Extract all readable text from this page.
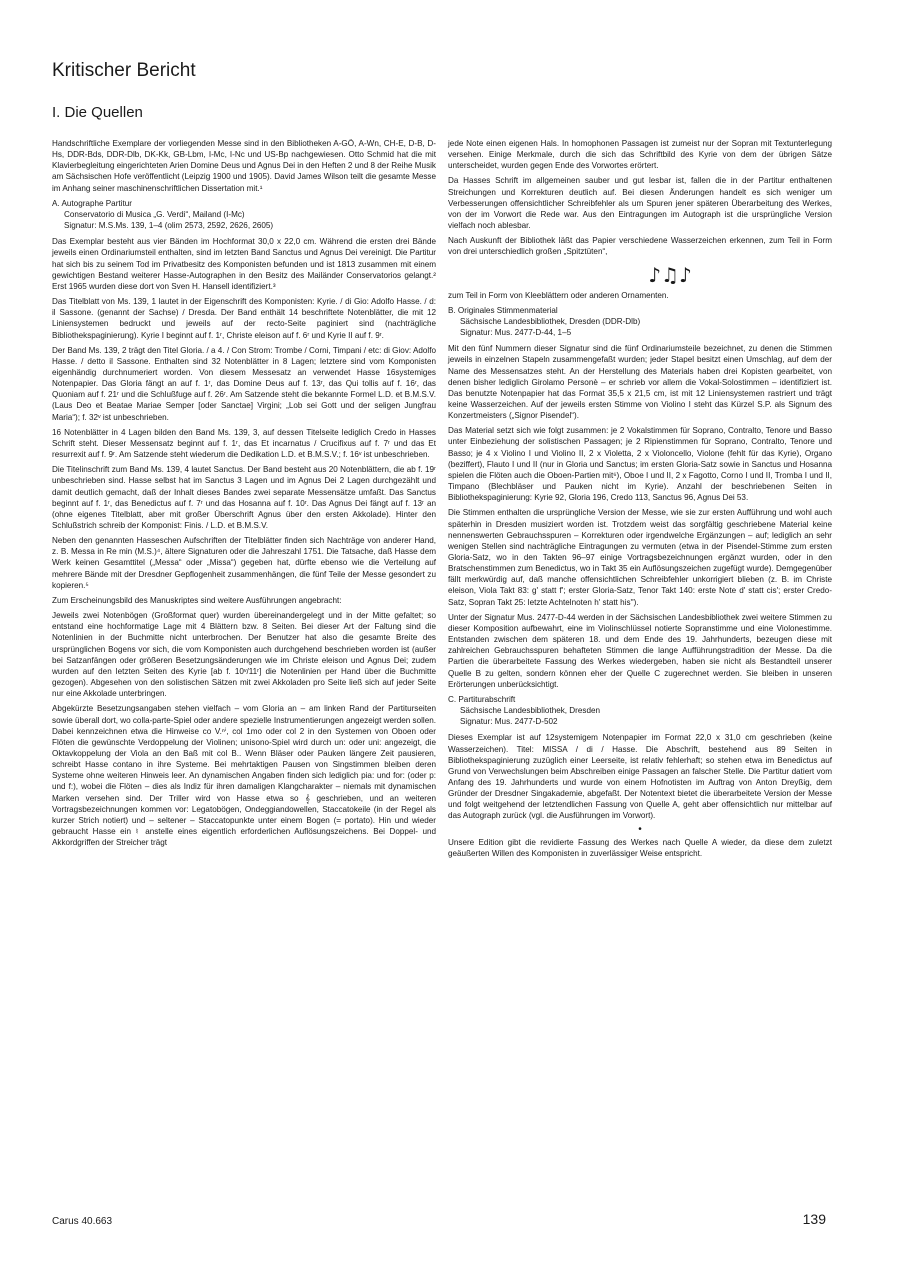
Kritischer Bericht
I. Die Quellen

Handschriftliche Exemplare der vorliegenden Messe sind in den Bibliotheken A-GÖ, A-Wn, CH-E, D-B, D-Hs, DDR-Bds, DDR-Dlb, DK-Kk, GB-Lbm, I-Mc, I-Nc und US-Bp nachgewiesen. Otto Schmid hat die mit Klavierbegleitung eingerichteten Arien Domine Deus und Agnus Dei in den Heften 2 und 8 der Reihe Musik am Sächsischen Hofe veröffentlicht (Leipzig 1900 und 1905). David James Wilson teilt die gesamte Messe im Anhang seiner maschinenschriftlichen Dissertation mit.¹

A. Autographe Partitur
Conservatorio di Musica „G. Verdi“, Mailand (I-Mc)
Signatur: M.S.Ms. 139, 1–4 (olim 2573, 2592, 2626, 2605)

Das Exemplar besteht aus vier Bänden im Hochformat 30,0 x 22,0 cm. Während die ersten drei Bände jeweils einen Ordinariumsteil enthalten, sind im letzten Band Sanctus und Agnus Dei vereinigt. Die Partitur hat sich bis zu seinem Tod im Privatbesitz des Komponisten befunden und ist 1813 zusammen mit einem gewichtigen Bestand weiterer Hasse-Autographen in den Besitz des Mailänder Conservatorios gelangt.² Erst 1965 wurden diese dort von Sven H. Hansell identifiziert.³

Das Titelblatt von Ms. 139, 1 lautet in der Eigenschrift des Komponisten: Kyrie. / di Gio: Adolfo Hasse. / d: il Sassone. (genannt der Sachse) / Dresda. Der Band enthält 14 beschriftete Notenblätter, die mit 12 Liniensystemen bedruckt und jeweils auf der recto-Seite paginiert sind (nachträgliche Bibliothekspaginierung). Kyrie I beginnt auf f. 1ʳ, Christe eleison auf f. 6ʳ und Kyrie II auf f. 9ʳ.

Der Band Ms. 139, 2 trägt den Titel Gloria. / a 4. / Con Strom: Trombe / Corni, Timpani / etc: di Giov: Adolfo Hasse. / detto il Sassone. Enthalten sind 32 Notenblätter in 8 Lagen; letztere sind vom Komponisten eigenhändig durchnumeriert worden. Von diesem Messesatz an verwendet Hasse 16systemiges Notenpapier. Das Gloria fängt an auf f. 1ʳ, das Domine Deus auf f. 13ʳ, das Qui tollis auf f. 16ʳ, das Quoniam auf f. 21ʳ und die Schlußfuge auf f. 26ʳ. Am Satzende steht die bekannte Formel L.D. et B.M.S.V. (Laus Deo et Beatae Mariae Semper [oder Sanctae] Virgini; „Lob sei Gott und der seligen Jungfrau Maria“); f. 32ᵛ ist unbeschrieben.

16 Notenblätter in 4 Lagen bilden den Band Ms. 139, 3, auf dessen Titelseite lediglich Credo in Hasses Schrift steht. Dieser Messensatz beginnt auf f. 1ʳ, das Et incarnatus / Crucifixus auf f. 7ʳ und das Et resurrexit auf f. 9ʳ. Am Satzende steht wiederum die Dedikation L.D. et B.M.S.V.; f. 16ᵛ ist unbeschrieben.

Die Titelinschrift zum Band Ms. 139, 4 lautet Sanctus. Der Band besteht aus 20 Notenblättern, die ab f. 19ʳ unbeschrieben sind. Hasse selbst hat im Sanctus 3 Lagen und im Agnus Dei 2 Lagen durchgezählt und damit deutlich gemacht, daß der Inhalt dieses Bandes zwei separate Messensätze umfaßt. Das Sanctus beginnt auf f. 1ʳ, das Benedictus auf f. 7ʳ und das Hosanna auf f. 10ʳ. Das Agnus Dei fängt auf f. 13ʳ an (ohne eigenes Titelblatt, aber mit großer Überschrift Agnus über den ersten Akkolade). Hinter den Schlußstrich schreib der Komponist: Finis. / L.D. et B.M.S.V.

Neben den genannten Hasseschen Aufschriften der Titelblätter finden sich Nachträge von anderer Hand, z. B. Messa in Re min (M.S.)⁴, ältere Signaturen oder die Jahreszahl 1751. Die Tatsache, daß Hasse dem Werk keinen Gesamttitel („Messa“ oder „Missa“) gegeben hat, dürfte ebenso wie die Verteilung auf mehrere Bände mit der Dresdner Gepflogenheit zusammenhängen, die fünf Teile der Messe gesondert zu kopieren.⁵

Zum Erscheinungsbild des Manuskriptes sind weitere Ausführungen angebracht:

Jeweils zwei Notenbögen (Großformat quer) wurden übereinandergelegt und in der Mitte gefaltet; so entstand eine hochformatige Lage mit 4 Blättern bzw. 8 Seiten. Bei dieser Art der Faltung sind die Notenlinien in der Buchmitte nicht unterbrochen. Der Benutzer hat also die gesamte Breite des ursprünglichen Bogens vor sich, die vom Komponisten auch durchgehend beschrieben worden ist (außer bei Satzanfängen oder größeren Besetzungsänderungen wie im Christe eleison und Agnus Dei; zudem wurden auf den letzten Seiten des Kyrie [ab f. 10ᵛ/11ʳ] die Notenlinien per Hand über die Buchmitte gezogen). Abgesehen von den solistischen Sätzen mit zwei Akkoladen pro Seite ließ sich auf jeder Seite nur eine Akkolade unterbringen.

Abgekürzte Besetzungsangaben stehen vielfach – vom Gloria an – am linken Rand der Partiturseiten sowie überall dort, wo colla-parte-Spiel oder andere spezielle Instrumentierungen angezeigt werden sollen. Dabei kennzeichnen etwa die Hinweise co V.ⁿⁱ, col 1mo oder col 2 in den Systemen von Oboen oder Flöten die gewünschte Verdoppelung der Violinen; unisono-Spiel wird durch un: oder uni: angezeigt, die Oktavkoppelung der Viola an den Baß mit col B.. Wenn Bläser oder Pauken längere Zeit pausieren, schreibt Hasse contano in ihre Systeme. Bei mehrtaktigen Pausen von Singstimmen bleiben deren Systeme ohne weiteren Hinweis leer. An dynamischen Angaben finden sich lediglich pia: und for: (oder p: und f:), wobei die Flöten – dies als Indiz für ihren damaligen Klangcharakter – niemals mit dynamischen Marken versehen sind. Der Triller wird von Hasse etwa so 𝄞 geschrieben, und an weiteren Vortragsbezeichnungen kommen vor: Legatobögen, Ondeggiandowellen, Staccatokeile (in der Regel als kurzer Strich notiert) und – seltener – Staccatopunkte unter einem Bogen (= portato). Hin und wieder gebraucht Hasse ein ♮ anstelle eines eigentlich erforderlichen Auflösungszeichens. Bei Doppel- und Akkordgriffen der Streicher trägt

jede Note einen eigenen Hals. In homophonen Passagen ist zumeist nur der Sopran mit Textunterlegung versehen. Einige Merkmale, durch die sich das Schriftbild des Kyrie von dem der übrigen Sätze unterscheidet, wurden gegen Ende des Vorwortes erörtert.

Da Hasses Schrift im allgemeinen sauber und gut lesbar ist, fallen die in der Partitur enthaltenen Streichungen und Korrekturen deutlich auf. Bei diesen Änderungen handelt es sich weniger um Verbesserungen offensichtlicher Schreibfehler als um Spuren jener späteren Überarbeitung des Werkes, von der im Vorwort die Rede war. Aus den Eintragungen im Autograph ist die ursprüngliche Version vielfach noch ablesbar.

Nach Auskunft der Bibliothek läßt das Papier verschiedene Wasserzeichen erkennen, zum Teil in Form von drei unterschiedlich großen „Spitztüten“,

♪♫♪

zum Teil in Form von Kleeblättern oder anderen Ornamenten.

B. Originales Stimmenmaterial
Sächsische Landesbibliothek, Dresden (DDR-Dlb)
Signatur: Mus. 2477-D-44, 1–5

Mit den fünf Nummern dieser Signatur sind die fünf Ordinariumsteile bezeichnet, zu denen die Stimmen jeweils in einzelnen Stapeln zusammengefaßt wurden; jeder Stapel besitzt einen Umschlag, auf dem der Name des Messensatzes steht. An der Herstellung des Materials haben drei Kopisten gearbeitet, von denen bisher lediglich Girolamo Personè – er schrieb vor allem die Vokal-Solostimmen – identifiziert ist. Das benutzte Notenpapier hat das Format 35,5 x 21,5 cm, ist mit 12 Liniensystemen rastriert und trägt keine Wasserzeichen. Auf der jeweils ersten Stimme von Violino I steht das Kürzel S.P. als Signum des Konzertmeisters („Signor Pisendel“).

Das Material setzt sich wie folgt zusammen: je 2 Vokalstimmen für Soprano, Contralto, Tenore und Basso unter Einbeziehung der solistischen Passagen; je 2 Ripienstimmen für Soprano, Contralto, Tenore und Basso; je 4 x Violino I und Violino II, 2 x Violetta, 2 x Violoncello, Violone (fehlt für das Kyrie), Organo (beziffert), Flauto I und II (nur in Gloria und Sanctus; im ersten Gloria-Satz sowie in Sanctus und Hosanna spielen die Flöten auch die Oboen-Partien mit⁶), Oboe I und II, 2 x Fagotto, Corno I und II, Tromba I und II, Timpano (Blechbläser und Pauken nicht im Kyrie). Anzahl der beschriebenen Seiten in Bibliothekspaginierung: Kyrie 92, Gloria 196, Credo 113, Sanctus 96, Agnus Dei 53.

Die Stimmen enthalten die ursprüngliche Version der Messe, wie sie zur ersten Aufführung und wohl auch späterhin in Dresden musiziert worden ist. Trotzdem weist das sorgfältig geschriebene Material keine nennenswerten Gebrauchsspuren – Korrekturen oder irgendwelche Ergänzungen – auf; lediglich an sehr wenigen Stellen sind nachträgliche Eintragungen zu vermuten (etwa in der Pisendel-Stimme zum ersten Gloria-Satz, wo in den Takten 96–97 einige Vortragsbezeichnungen ergänzt wurden, oder in den Bratschenstimmen zum Benedictus, wo in Takt 35 ein Auflösungszeichen zugefügt wurde). Demgegenüber fällt merkwürdig auf, daß manche offensichtlichen Schreibfehler unkorrigiert blieben (z. B. im Christe eleison, Viola Takt 83: g' statt f'; erster Gloria-Satz, Tenor Takt 140: erste Note d' statt cis'; erster Credo-Satz, Sopran Takt 25: letzte Achtelnoten h' statt his'').

Unter der Signatur Mus. 2477-D-44 werden in der Sächsischen Landesbibliothek zwei weitere Stimmen zu dieser Komposition aufbewahrt, eine im Violinschlüssel notierte Sopranstimme und eine Violonestimme. Entstanden zwischen dem späteren 18. und dem Ende des 19. Jahrhunderts, bezeugen diese mit zahlreichen Gebrauchsspuren behafteten Stimmen die lange Aufführungstradition der Messe. Da die Partien die überarbeitete Fassung des Werkes wiedergeben, haben sie nicht als Bestandteil unserer Quelle B zu gelten, sondern können eher der Quelle C zugerechnet werden. Sie bleiben in unseren Erörterungen unberücksichtigt.

C. Partiturabschrift
Sächsische Landesbibliothek, Dresden
Signatur: Mus. 2477-D-502

Dieses Exemplar ist auf 12systemigem Notenpapier im Format 22,0 x 31,0 cm geschrieben (keine Wasserzeichen). Titel: MISSA / di / Hasse. Die Abschrift, bestehend aus 89 Seiten in Bibliothekspaginierung zuzüglich einer Leerseite, ist relativ fehlerhaft; so stehen etwa im Benedictus auf Grund von Verwechslungen beim Abschreiben einige Passagen an falscher Stelle. Die Partitur datiert vom Anfang des 19. Jahrhunderts und wurde von einem Hofnotisten im Auftrag von Anton Dreyßig, dem Gründer der Dresdner Singakademie, abgefaßt. Der Notentext bietet die überarbeitete Version der Messe und folgt weitgehend der letztendlichen Fassung von Quelle A, geht aber offensichtlich nur mittelbar auf das Autograph zurück (vgl. die Ausführungen im Vorwort).

•

Unsere Edition gibt die revidierte Fassung des Werkes nach Quelle A wieder, da diese dem zuletzt geäußerten Willen des Komponisten in zuverlässiger Weise entspricht.

Carus 40.663	139
